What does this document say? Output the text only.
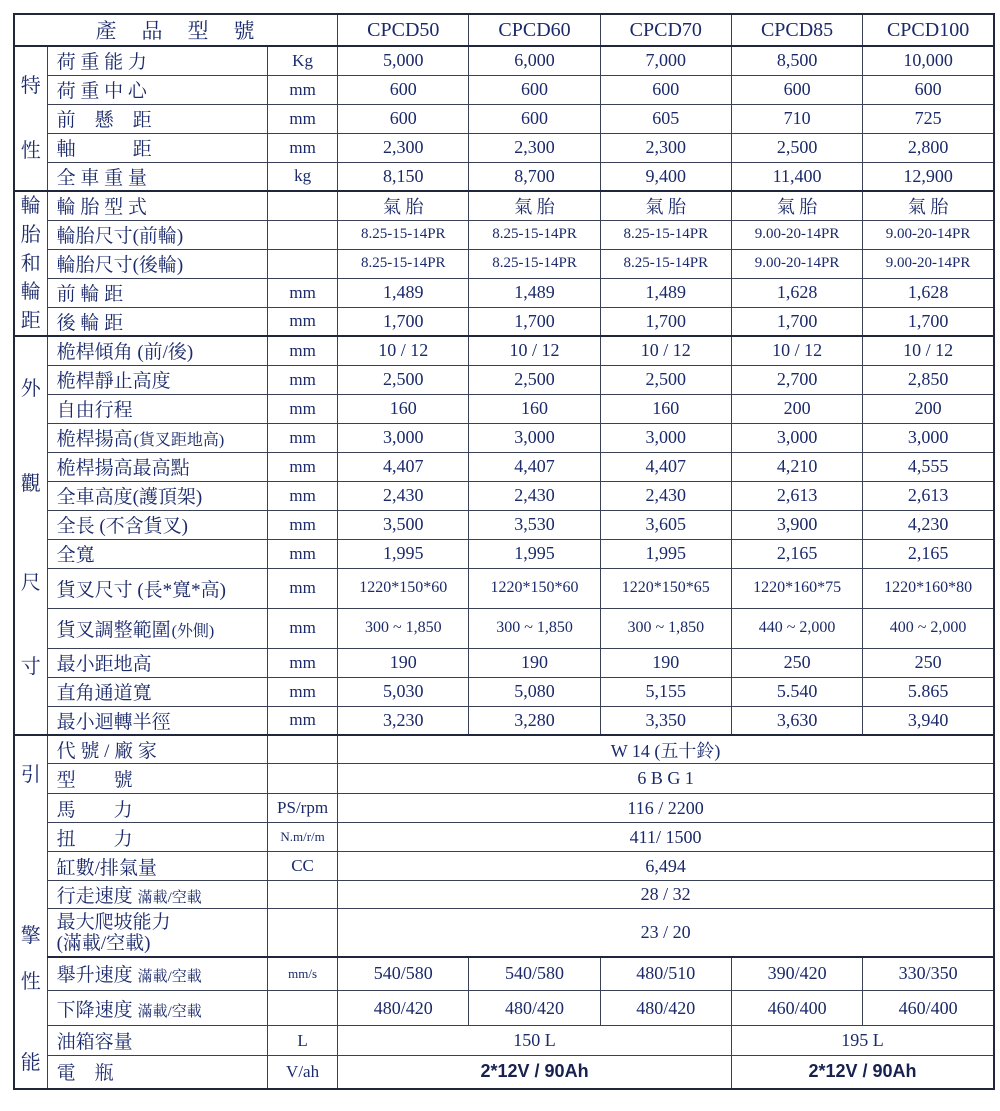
產　品　型　號			CPCD50	CPCD60	CPCD70	CPCD85	CPCD100

特
性	荷 重 能 力	Kg	5,000	6,000	7,000	8,500	10,000
	荷 重 中 心	mm	600	600	600	600	600
	前　懸　距	mm	600	600	605	710	725
	軸　　　距	mm	2,300	2,300	2,300	2,500	2,800
	全 車 重 量	kg	8,150	8,700	9,400	11,400	12,900

輪
胎
和
輪
距	輪 胎 型 式		氣 胎	氣 胎	氣 胎	氣 胎	氣 胎
	輪胎尺寸(前輪)		8.25-15-14PR	8.25-15-14PR	8.25-15-14PR	9.00-20-14PR	9.00-20-14PR
	輪胎尺寸(後輪)		8.25-15-14PR	8.25-15-14PR	8.25-15-14PR	9.00-20-14PR	9.00-20-14PR
	前 輪 距	mm	1,489	1,489	1,489	1,628	1,628
	後 輪 距	mm	1,700	1,700	1,700	1,700	1,700

外
觀
尺
寸	桅桿傾角 (前/後)	mm	10 / 12	10 / 12	10 / 12	10 / 12	10 / 12
	桅桿靜止高度	mm	2,500	2,500	2,500	2,700	2,850
	自由行程	mm	160	160	160	200	200
	桅桿揚高(貨叉距地高)	mm	3,000	3,000	3,000	3,000	3,000
	桅桿揚高最高點	mm	4,407	4,407	4,407	4,210	4,555
	全車高度(護頂架)	mm	2,430	2,430	2,430	2,613	2,613
	全長 (不含貨叉)	mm	3,500	3,530	3,605	3,900	4,230
	全寬	mm	1,995	1,995	1,995	2,165	2,165
	貨叉尺寸 (長*寬*高)	mm	1220*150*60	1220*150*60	1220*150*65	1220*160*75	1220*160*80
	貨叉調整範圍(外側)	mm	300 ~ 1,850	300 ~ 1,850	300 ~ 1,850	440 ~ 2,000	400 ~ 2,000
	最小距地高	mm	190	190	190	250	250
	直角通道寬	mm	5,030	5,080	5,155	5.540	5.865
	最小迴轉半徑	mm	3,230	3,280	3,350	3,630	3,940

引
擎
性
能	代 號 / 廠 家		W 14 (五十鈴)				
	型　　號		6 B G 1				
	馬　　力	PS/rpm	116 / 2200				
	扭　　力	N.m/r/m	411/ 1500				
	缸數/排氣量	CC	6,494				
	行走速度 滿載/空載		28 / 32				
	最大爬坡能力
(滿載/空載)		23 / 20				
	舉升速度 滿載/空載	mm/s	540/580	540/580	480/510	390/420	330/350
	下降速度 滿載/空載		480/420	480/420	480/420	460/400	460/400
	油箱容量	L	150 L			195 L	
	電　瓶	V/ah	2*12V / 90Ah			2*12V / 90Ah	
